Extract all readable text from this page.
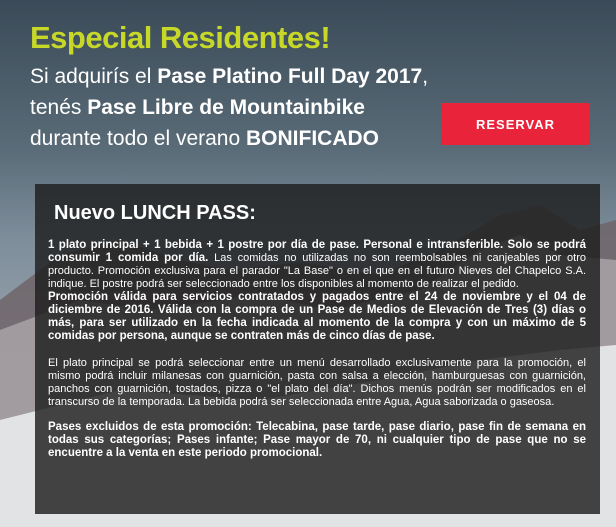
Especial Residentes!
Si adquirís el Pase Platino Full Day 2017,
tenés Pase Libre de Mountainbike
durante todo el verano BONIFICADO
RESERVAR
Nuevo LUNCH PASS:

1 plato principal + 1 bebida + 1 postre por día de pase. Personal e intransferible. Solo se podrá consumir 1 comida por día. Las comidas no utilizadas no son reembolsables ni canjeables por otro producto. Promoción exclusiva para el parador "La Base" o en el que en el futuro Nieves del Chapelco S.A. indique. El postre podrá ser seleccionado entre los disponibles al momento de realizar el pedido.

Promoción válida para servicios contratados y pagados entre el 24 de noviembre y el 04 de diciembre de 2016. Válida con la compra de un Pase de Medios de Elevación de Tres (3) días o más, para ser utilizado en la fecha indicada al momento de la compra y con un máximo de 5 comidas por persona, aunque se contraten más de cinco días de pase.

El plato principal se podrá seleccionar entre un menú desarrollado exclusivamente para la promoción, el mismo podrá incluir milanesas con guarnición, pasta con salsa a elección, hamburguesas con guarnición, panchos con guarnición, tostados, pizza o "el plato del día". Dichos menús podrán ser modificados en el transcurso de la temporada. La bebida podrá ser seleccionada entre Agua, Agua saborizada o gaseosa.

Pases excluidos de esta promoción: Telecabina, pase tarde, pase diario, pase fin de semana en todas sus categorías; Pases infante; Pase mayor de 70, ni cualquier tipo de pase que no se encuentre a la venta en este periodo promocional.
